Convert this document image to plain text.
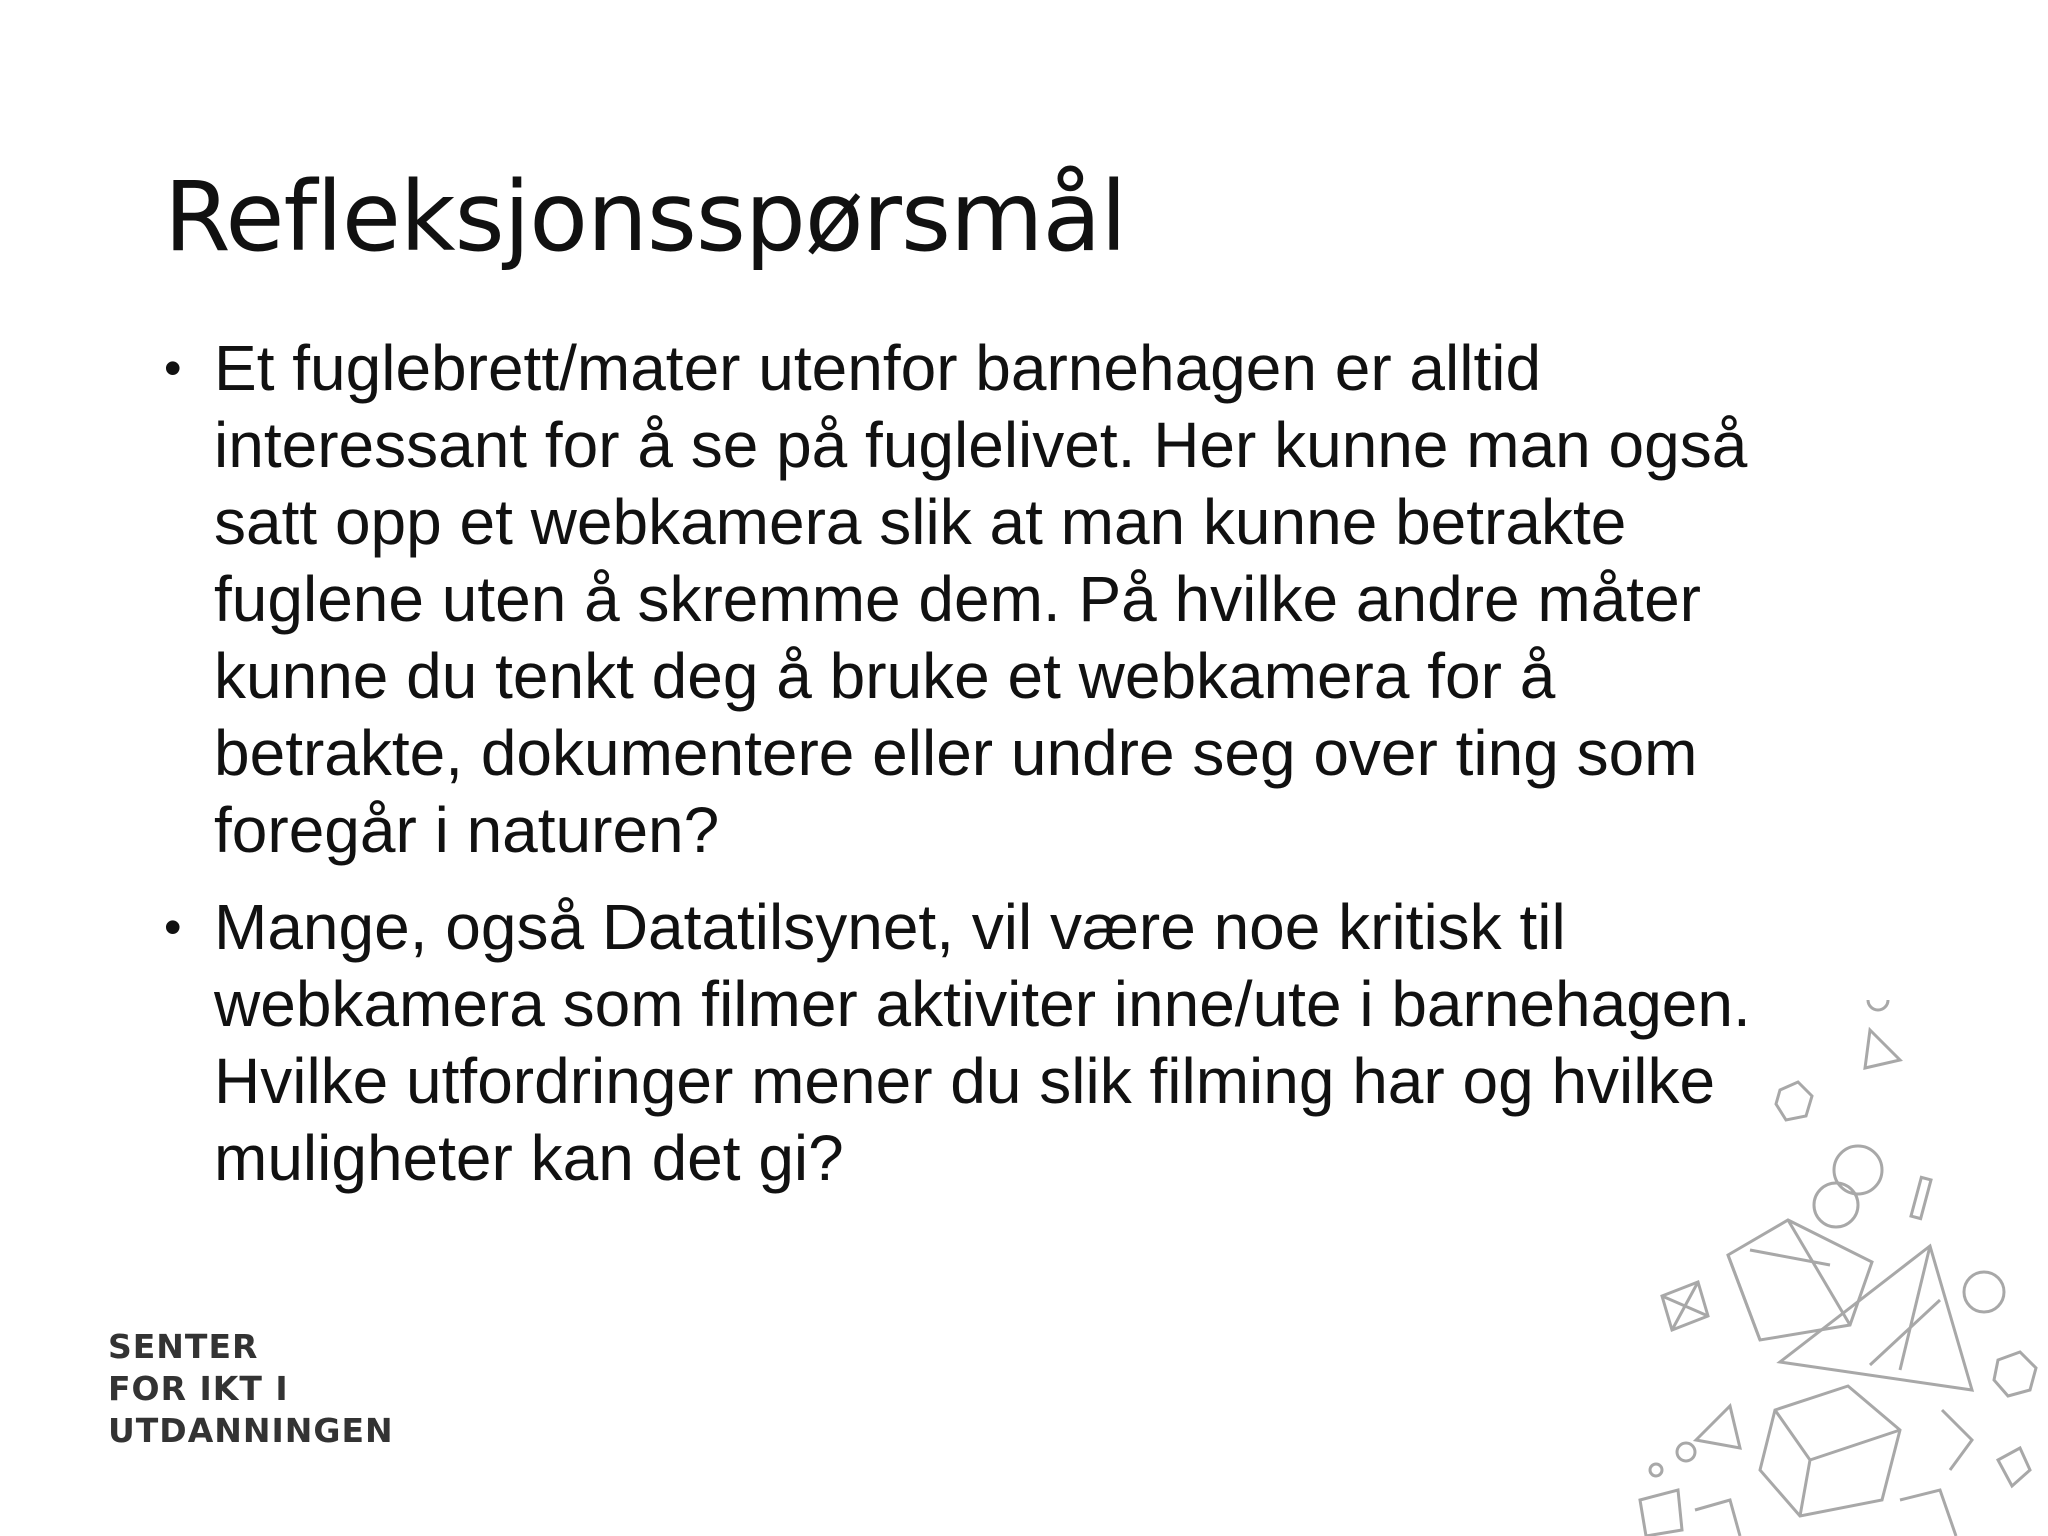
Refleksjonsspørsmål
• Et fuglebrett/mater utenfor barnehagen er alltid interessant for å se på fuglelivet. Her kunne man også satt opp et webkamera slik at man kunne betrakte fuglene uten å skremme dem. På hvilke andre måter kunne du tenkt deg å bruke et webkamera for å betrakte, dokumentere eller undre seg over ting som foregår i naturen?
• Mange, også Datatilsynet, vil være noe kritisk til webkamera som filmer aktiviter inne/ute i barnehagen. Hvilke utfordringer mener du slik filming har og hvilke muligheter kan det gi?
SENTER
FOR IKT I
UTDANNINGEN
